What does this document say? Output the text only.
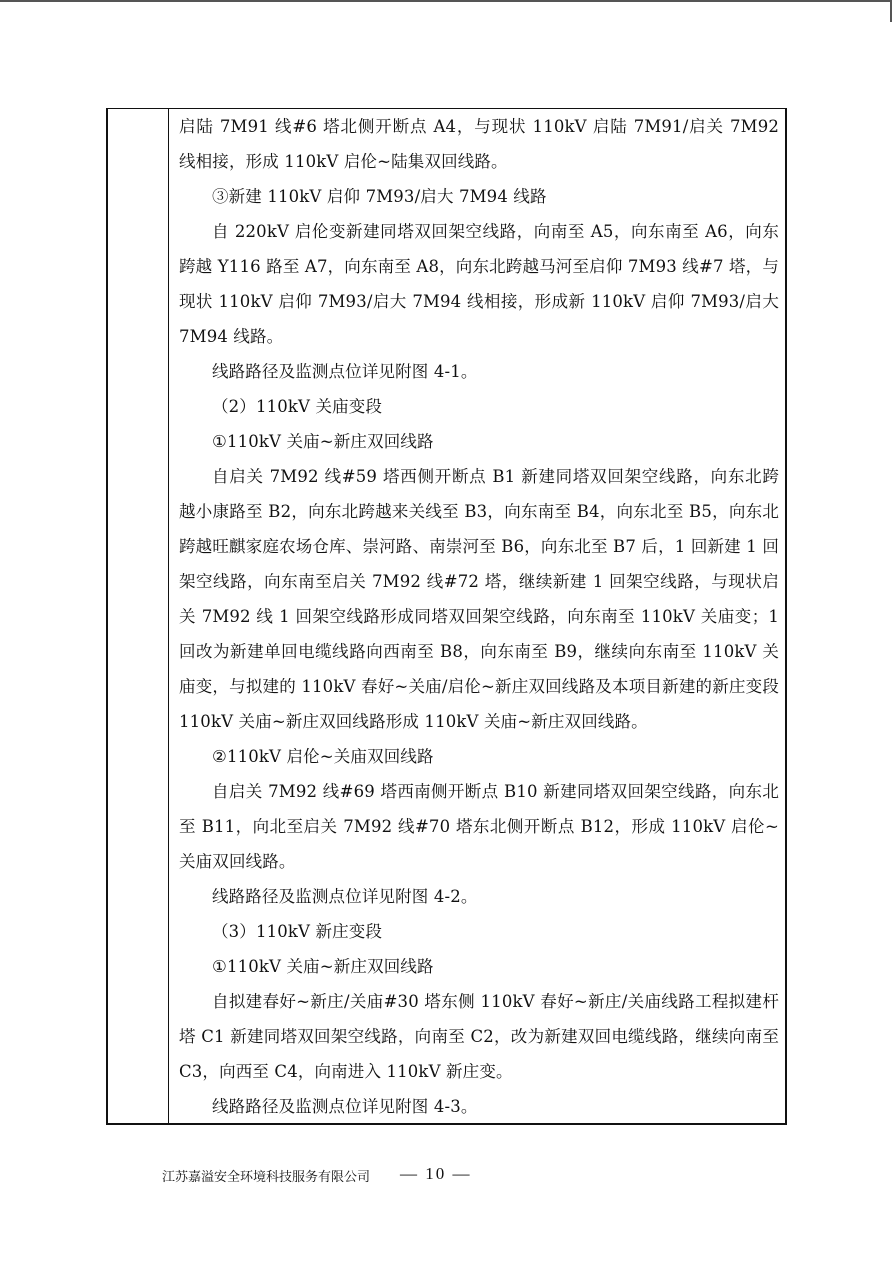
启陆 7M91 线#6 塔北侧开断点 A4，与现状 110kV 启陆 7M91/启关 7M92 线相接，形成 110kV 启伦~陆集双回线路。

③新建 110kV 启仰 7M93/启大 7M94 线路

自 220kV 启伦变新建同塔双回架空线路，向南至 A5，向东南至 A6，向东跨越 Y116 路至 A7，向东南至 A8，向东北跨越马河至启仰 7M93 线#7 塔，与现状 110kV 启仰 7M93/启大 7M94 线相接，形成新 110kV 启仰 7M93/启大 7M94 线路。

线路路径及监测点位详见附图 4-1。

（2）110kV 关庙变段

①110kV 关庙~新庄双回线路

自启关 7M92 线#59 塔西侧开断点 B1 新建同塔双回架空线路，向东北跨越小康路至 B2，向东北跨越来关线至 B3，向东南至 B4，向东北至 B5，向东北跨越旺麒家庭农场仓库、崇河路、南崇河至 B6，向东北至 B7 后，1 回新建 1 回架空线路，向东南至启关 7M92 线#72 塔，继续新建 1 回架空线路，与现状启关 7M92 线 1 回架空线路形成同塔双回架空线路，向东南至 110kV 关庙变；1 回改为新建单回电缆线路向西南至 B8，向东南至 B9，继续向东南至 110kV 关庙变，与拟建的 110kV 春好~关庙/启伦~新庄双回线路及本项目新建的新庄变段 110kV 关庙~新庄双回线路形成 110kV 关庙~新庄双回线路。

②110kV 启伦~关庙双回线路

自启关 7M92 线#69 塔西南侧开断点 B10 新建同塔双回架空线路，向东北至 B11，向北至启关 7M92 线#70 塔东北侧开断点 B12，形成 110kV 启伦~关庙双回线路。

线路路径及监测点位详见附图 4-2。

（3）110kV 新庄变段

①110kV 关庙~新庄双回线路

自拟建春好~新庄/关庙#30 塔东侧 110kV 春好~新庄/关庙线路工程拟建杆塔 C1 新建同塔双回架空线路，向南至 C2，改为新建双回电缆线路，继续向南至 C3，向西至 C4，向南进入 110kV 新庄变。

线路路径及监测点位详见附图 4-3。

江苏嘉溢安全环境科技服务有限公司 — 10 —
